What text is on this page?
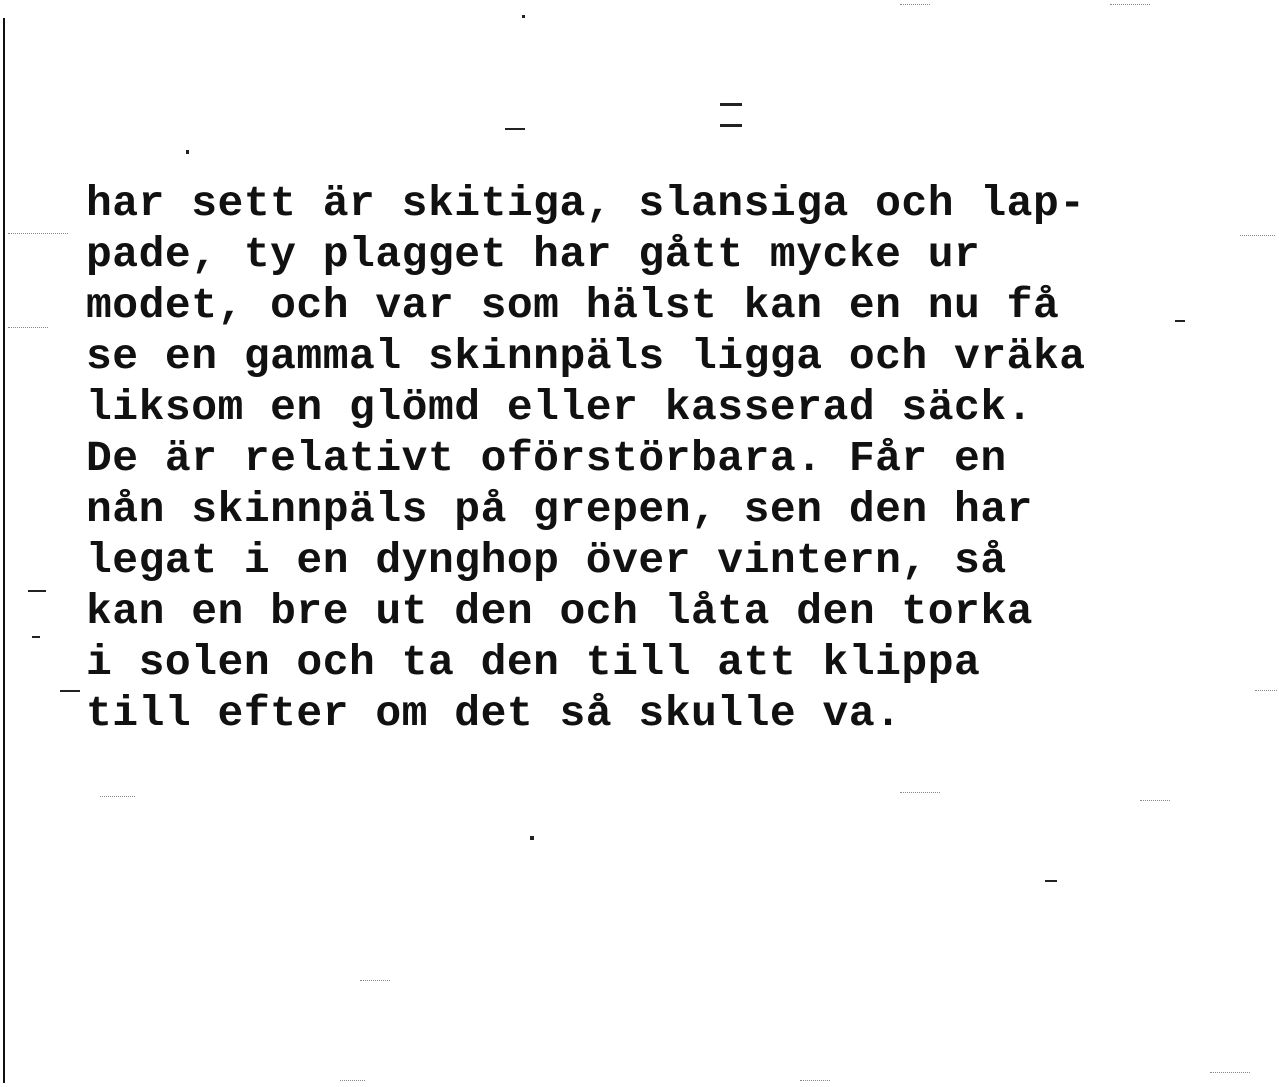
har sett är skitiga, slansiga och lap-
pade, ty plagget har gått mycke ur
modet, och var som hälst kan en nu få
se en gammal skinnpäls ligga och vräka
liksom en glömd eller kasserad säck.
De är relativt oförstörbara. Får en
nån skinnpäls på grepen, sen den har
legat i en dynghop över vintern, så
kan en bre ut den och låta den torka
i solen och ta den till att klippa
till efter om det så skulle va.
